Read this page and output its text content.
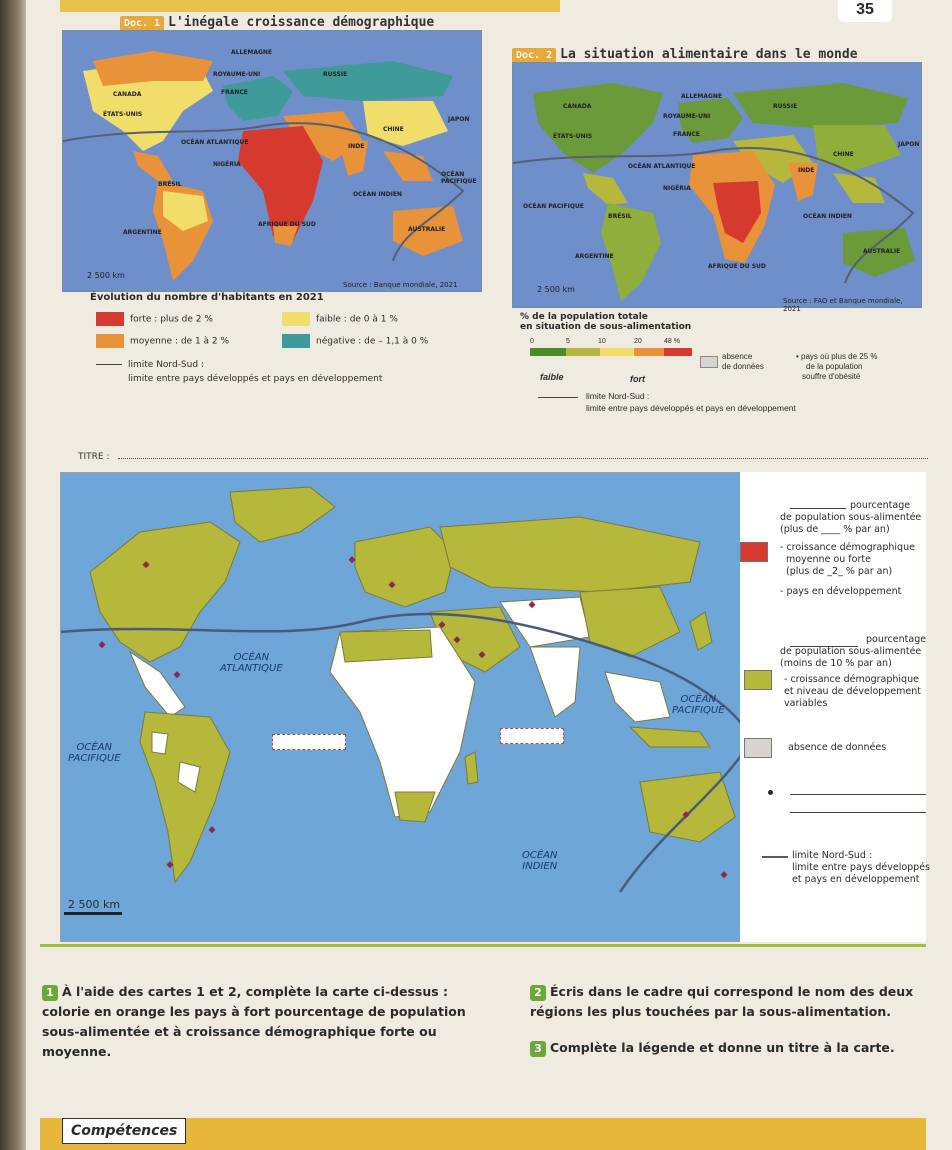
35
Doc. 1 L'inégale croissance démographique

ALLEMAGNE
ROYAUME-UNI	RUSSIE
FRANCE
CANADA
ÉTATS-UNIS
OCÉAN ATLANTIQUE
CHINE
JAPON
INDE
NIGÉRIA
BRÉSIL
OCÉAN PACIFIQUE
OCÉAN INDIEN
AFRIQUE DU SUD
AUSTRALIE
ARGENTINE
2 500 km
Source : Banque mondiale, 2021
Évolution du nombre d'habitants en 2021
forte : plus de 2 %
moyenne : de 1 à 2 %
faible : de 0 à 1 %
négative : de – 1,1 à 0 %
limite Nord-Sud :
limite entre pays développés et pays en développement
Doc. 2 La situation alimentaire dans le monde
ALLEMAGNE
CANADA
ROYAUME-UNI
RUSSIE
ÉTATS-UNIS	FRANCE
CHINE
JAPON
OCÉAN ATLANTIQUE
NIGÉRIA
INDE
OCÉAN PACIFIQUE
BRÉSIL	OCÉAN INDIEN
AUSTRALIE
ARGENTINE
AFRIQUE DU SUD
2 500 km
Source : FAO et Banque mondiale, 2021
% de la population totale
en situation de sous-alimentation
0	5	10	20	48 %
faible	fort
absence
de données
• pays où plus de 25 %
de la population
souffre d'obésité
limite Nord-Sud :
limite entre pays développés et pays en développement
TITRE :
OCÉAN
ATLANTIQUE
OCÉAN
PACIFIQUE
OCÉAN
PACIFIQUE
OCÉAN
INDIEN
2 500 km
pourcentage
de population sous-alimentée
(plus de ____ % par an)
- croissance démographique
moyenne ou forte
(plus de _2_ % par an)
- pays en développement
pourcentage
de population sous-alimentée
(moins de 10 % par an)
- croissance démographique
et niveau de développement
variables
absence de données
limite Nord-Sud :
limite entre pays développés
et pays en développement
1 À l'aide des cartes 1 et 2, complète la carte ci-dessus :
colorie en orange les pays à fort pourcentage de population
sous-alimentée et à croissance démographique forte ou
moyenne.
2 Écris dans le cadre qui correspond le nom des deux
régions les plus touchées par la sous-alimentation.
3 Complète la légende et donne un titre à la carte.
Compétences
